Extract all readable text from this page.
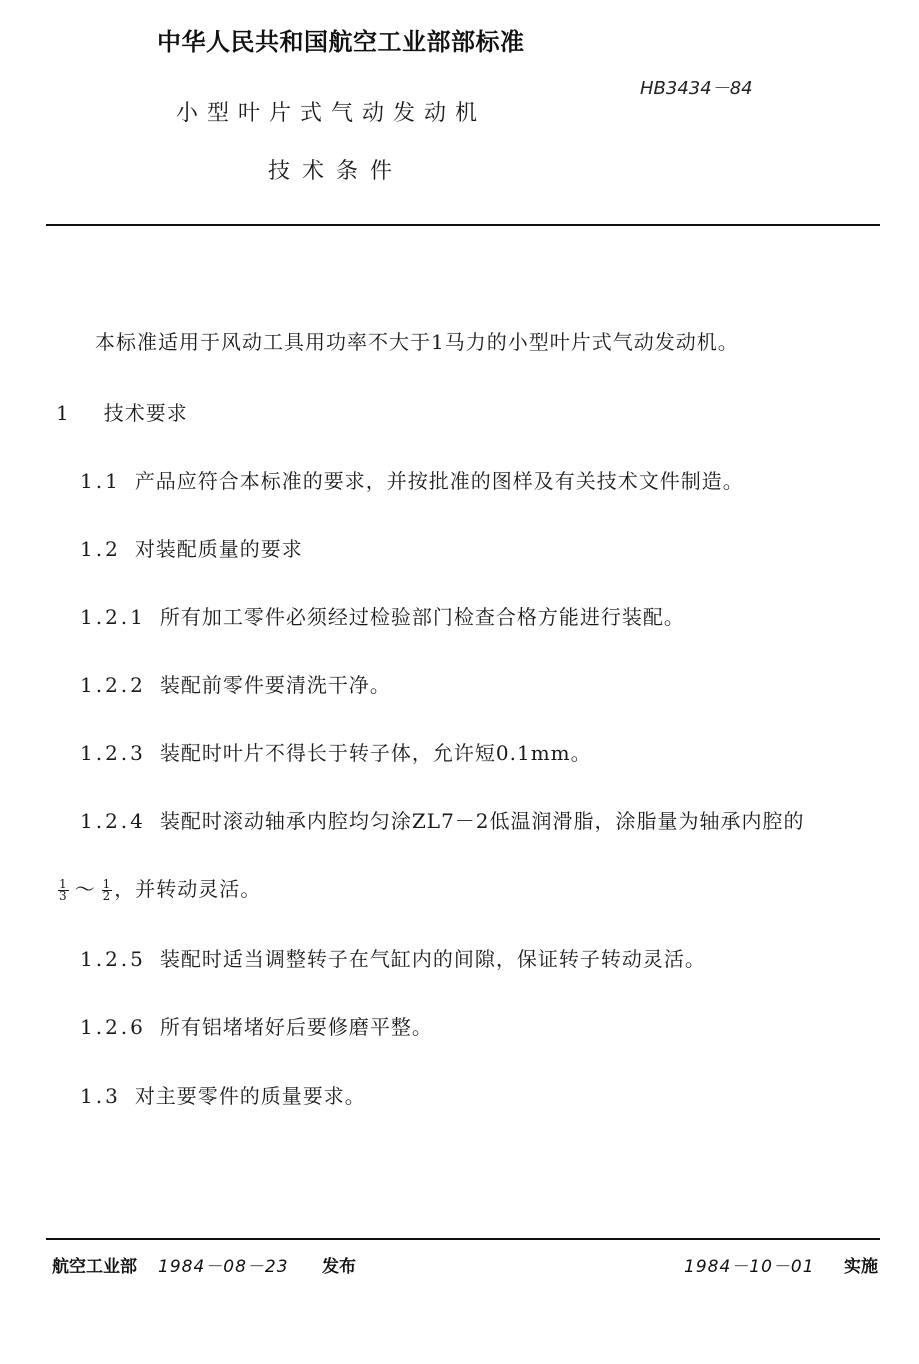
中华人民共和国航空工业部部标准
HB3434－84
小型叶片式气动发动机
技术条件
本标准适用于风动工具用功率不大于1马力的小型叶片式气动发动机。
1 技术要求
1.1 产品应符合本标准的要求，并按批准的图样及有关技术文件制造。
1.2 对装配质量的要求
1.2.1 所有加工零件必须经过检验部门检查合格方能进行装配。
1.2.2 装配前零件要清洗干净。
1.2.3 装配时叶片不得长于转子体，允许短0.1mm。
1.2.4 装配时滚动轴承内腔均匀涂ZL7－2低温润滑脂，涂脂量为轴承内腔的
$\frac{1}{3}$ ～ $\frac{1}{2}$ ，并转动灵活。
1.2.5 装配时适当调整转子在气缸内的间隙，保证转子转动灵活。
1.2.6 所有铝堵堵好后要修磨平整。
1.3 对主要零件的质量要求。
航空工业部 1984－08－23 发布	1984－10－01 实施
